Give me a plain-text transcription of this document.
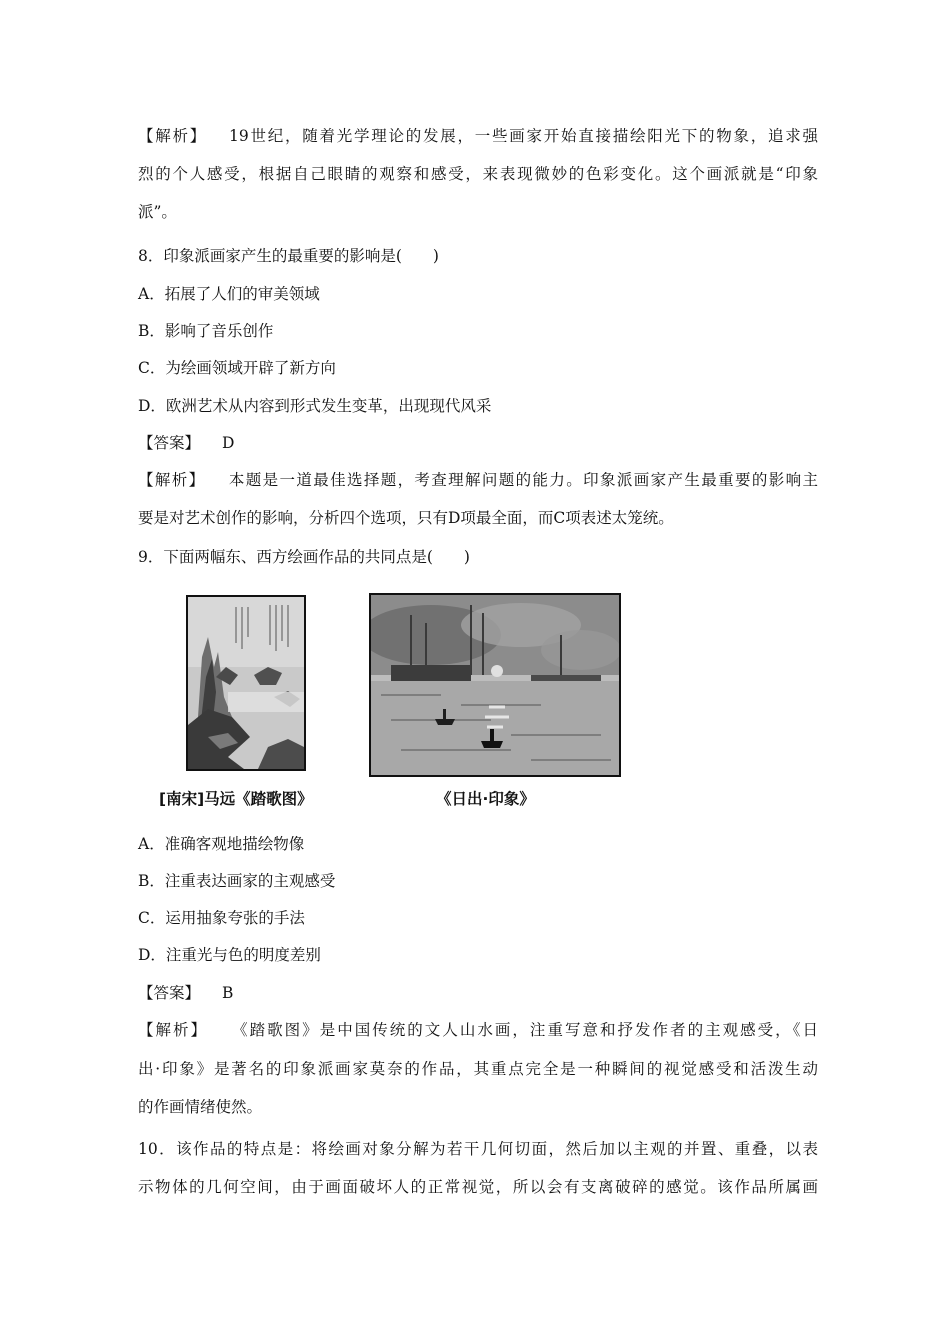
【解析】 19世纪，随着光学理论的发展，一些画家开始直接描绘阳光下的物象，追求强
烈的个人感受，根据自己眼睛的观察和感受，来表现微妙的色彩变化。这个画派就是“印象
派”。
8．印象派画家产生的最重要的影响是(　　)
A．拓展了人们的审美领域
B．影响了音乐创作
C．为绘画领域开辟了新方向
D．欧洲艺术从内容到形式发生变革，出现现代风采
【答案】 D
【解析】 本题是一道最佳选择题，考查理解问题的能力。印象派画家产生最重要的影响主
要是对艺术创作的影响，分析四个选项，只有D项最全面，而C项表述太笼统。
9．下面两幅东、西方绘画作品的共同点是(　　)
[南宋]马远《踏歌图》	《日出·印象》
A．准确客观地描绘物像
B．注重表达画家的主观感受
C．运用抽象夸张的手法
D．注重光与色的明度差别
【答案】 B
【解析】 《踏歌图》是中国传统的文人山水画，注重写意和抒发作者的主观感受，《日
出·印象》是著名的印象派画家莫奈的作品，其重点完全是一种瞬间的视觉感受和活泼生动
的作画情绪使然。
10．该作品的特点是：将绘画对象分解为若干几何切面，然后加以主观的并置、重叠，以表
示物体的几何空间，由于画面破坏人的正常视觉，所以会有支离破碎的感觉。该作品所属画
